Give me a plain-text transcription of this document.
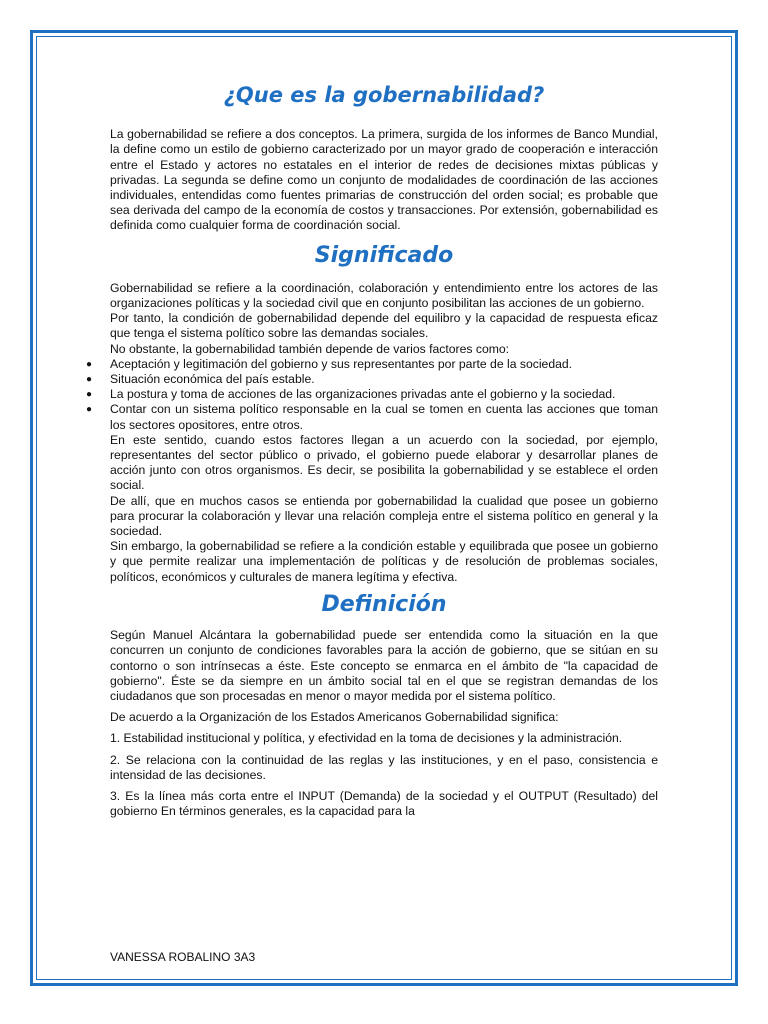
¿Que es la gobernabilidad?

La gobernabilidad se refiere a dos conceptos. La primera, surgida de los informes de Banco Mundial, la define como un estilo de gobierno caracterizado por un mayor grado de cooperación e interacción entre el Estado y actores no estatales en el interior de redes de decisiones mixtas públicas y privadas. La segunda se define como un conjunto de modalidades de coordinación de las acciones individuales, entendidas como fuentes primarias de construcción del orden social; es probable que sea derivada del campo de la economía de costos y transacciones. Por extensión, gobernabilidad es definida como cualquier forma de coordinación social.

Significado

Gobernabilidad se refiere a la coordinación, colaboración y entendimiento entre los actores de las organizaciones políticas y la sociedad civil que en conjunto posibilitan las acciones de un gobierno.

Por tanto, la condición de gobernabilidad depende del equilibro y la capacidad de respuesta eficaz que tenga el sistema político sobre las demandas sociales.

No obstante, la gobernabilidad también depende de varios factores como:

● Aceptación y legitimación del gobierno y sus representantes por parte de la sociedad.
● Situación económica del país estable.
● La postura y toma de acciones de las organizaciones privadas ante el gobierno y la sociedad.
● Contar con un sistema político responsable en la cual se tomen en cuenta las acciones que toman los sectores opositores, entre otros.

En este sentido, cuando estos factores llegan a un acuerdo con la sociedad, por ejemplo, representantes del sector público o privado, el gobierno puede elaborar y desarrollar planes de acción junto con otros organismos. Es decir, se posibilita la gobernabilidad y se establece el orden social.

De allí, que en muchos casos se entienda por gobernabilidad la cualidad que posee un gobierno para procurar la colaboración y llevar una relación compleja entre el sistema político en general y la sociedad.

Sin embargo, la gobernabilidad se refiere a la condición estable y equilibrada que posee un gobierno y que permite realizar una implementación de políticas y de resolución de problemas sociales, políticos, económicos y culturales de manera legítima y efectiva.

Definición

Según Manuel Alcántara la gobernabilidad puede ser entendida como la situación en la que concurren un conjunto de condiciones favorables para la acción de gobierno, que se sitúan en su contorno o son intrínsecas a éste. Este concepto se enmarca en el ámbito de "la capacidad de gobierno". Éste se da siempre en un ámbito social tal en el que se registran demandas de los ciudadanos que son procesadas en menor o mayor medida por el sistema político.

De acuerdo a la Organización de los Estados Americanos Gobernabilidad significa:

1. Estabilidad institucional y política, y efectividad en la toma de decisiones y la administración.

2. Se relaciona con la continuidad de las reglas y las instituciones, y en el paso, consistencia e intensidad de las decisiones.

3. Es la línea más corta entre el INPUT (Demanda) de la sociedad y el OUTPUT (Resultado) del gobierno En términos generales, es la capacidad para la

VANESSA ROBALINO 3A3
